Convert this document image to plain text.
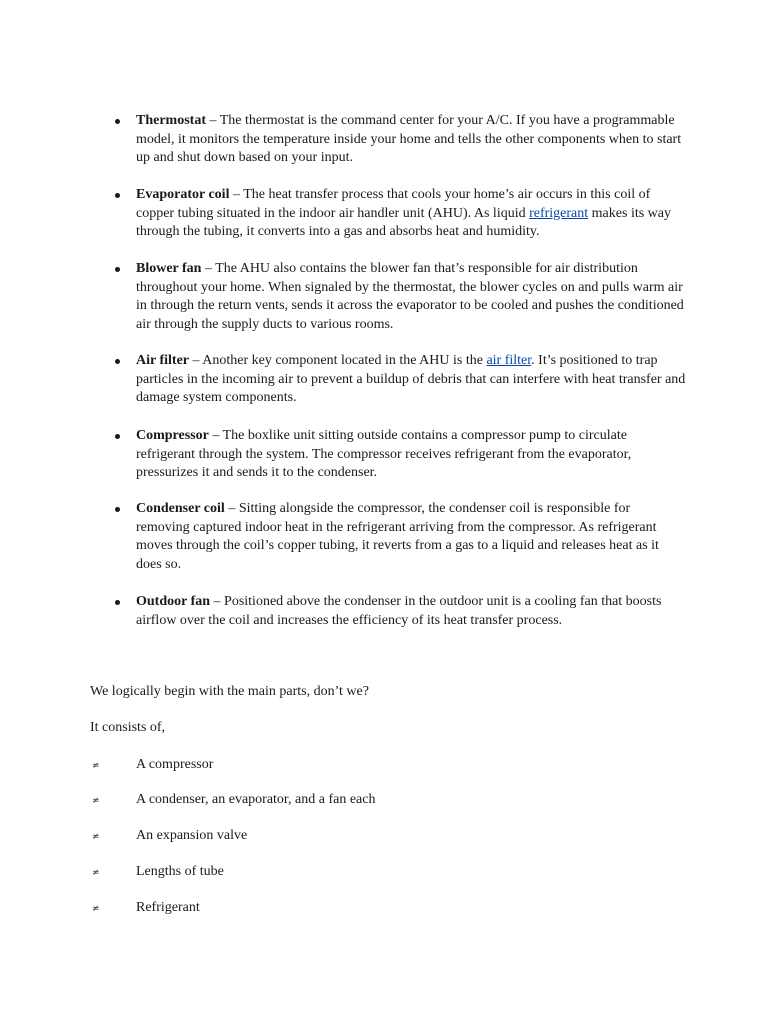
Thermostat – The thermostat is the command center for your A/C. If you have a programmable model, it monitors the temperature inside your home and tells the other components when to start up and shut down based on your input.

Evaporator coil – The heat transfer process that cools your home’s air occurs in this coil of copper tubing situated in the indoor air handler unit (AHU). As liquid refrigerant makes its way through the tubing, it converts into a gas and absorbs heat and humidity.

Blower fan – The AHU also contains the blower fan that’s responsible for air distribution throughout your home. When signaled by the thermostat, the blower cycles on and pulls warm air in through the return vents, sends it across the evaporator to be cooled and pushes the conditioned air through the supply ducts to various rooms.

Air filter – Another key component located in the AHU is the air filter. It’s positioned to trap particles in the incoming air to prevent a buildup of debris that can interfere with heat transfer and damage system components.

Compressor – The boxlike unit sitting outside contains a compressor pump to circulate refrigerant through the system. The compressor receives refrigerant from the evaporator, pressurizes it and sends it to the condenser.

Condenser coil – Sitting alongside the compressor, the condenser coil is responsible for removing captured indoor heat in the refrigerant arriving from the compressor. As refrigerant moves through the coil’s copper tubing, it reverts from a gas to a liquid and releases heat as it does so.

Outdoor fan – Positioned above the condenser in the outdoor unit is a cooling fan that boosts airflow over the coil and increases the efficiency of its heat transfer process.

We logically begin with the main parts, don’t we?

It consists of,

≠	A compressor
≠	A condenser, an evaporator, and a fan each
≠	An expansion valve
≠	Lengths of tube
≠	Refrigerant
